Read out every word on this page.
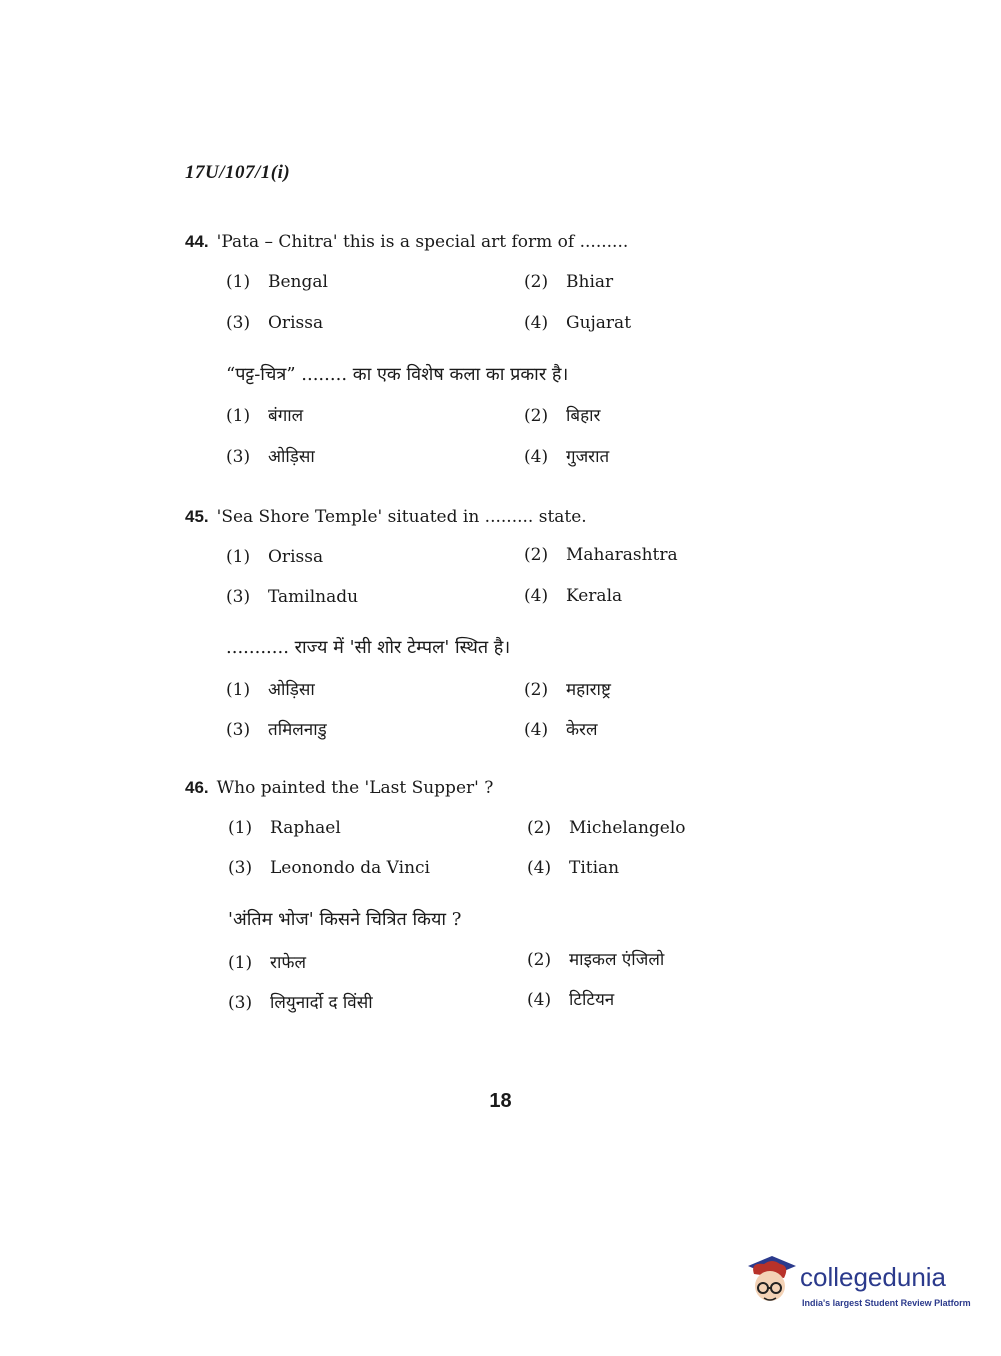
17U/107/1(i)
44. 'Pata – Chitra' this is a special art form of .........
(1) Bengal	(2) Bhiar
(3) Orissa	(4) Gujarat
“पट्ट-चित्र” ........ का एक विशेष कला का प्रकार है।
(1) बंगाल	(2) बिहार
(3) ओड़िसा	(4) गुजरात
45. 'Sea Shore Temple' situated in ......... state.
(1) Orissa	(2) Maharashtra
(3) Tamilnadu	(4) Kerala
........... राज्य में 'सी शोर टेम्पल' स्थित है।
(1) ओड़िसा	(2) महाराष्ट्र
(3) तमिलनाडु	(4) केरल
46. Who painted the 'Last Supper' ?
(1) Raphael	(2) Michelangelo
(3) Leonondo da Vinci	(4) Titian
'अंतिम भोज' किसने चित्रित किया ?
(1) राफेल	(2) माइकल एंजिलो
(3) लियुनार्दो द विंसी	(4) टिटियन
18
collegedunia
India's largest Student Review Platform
